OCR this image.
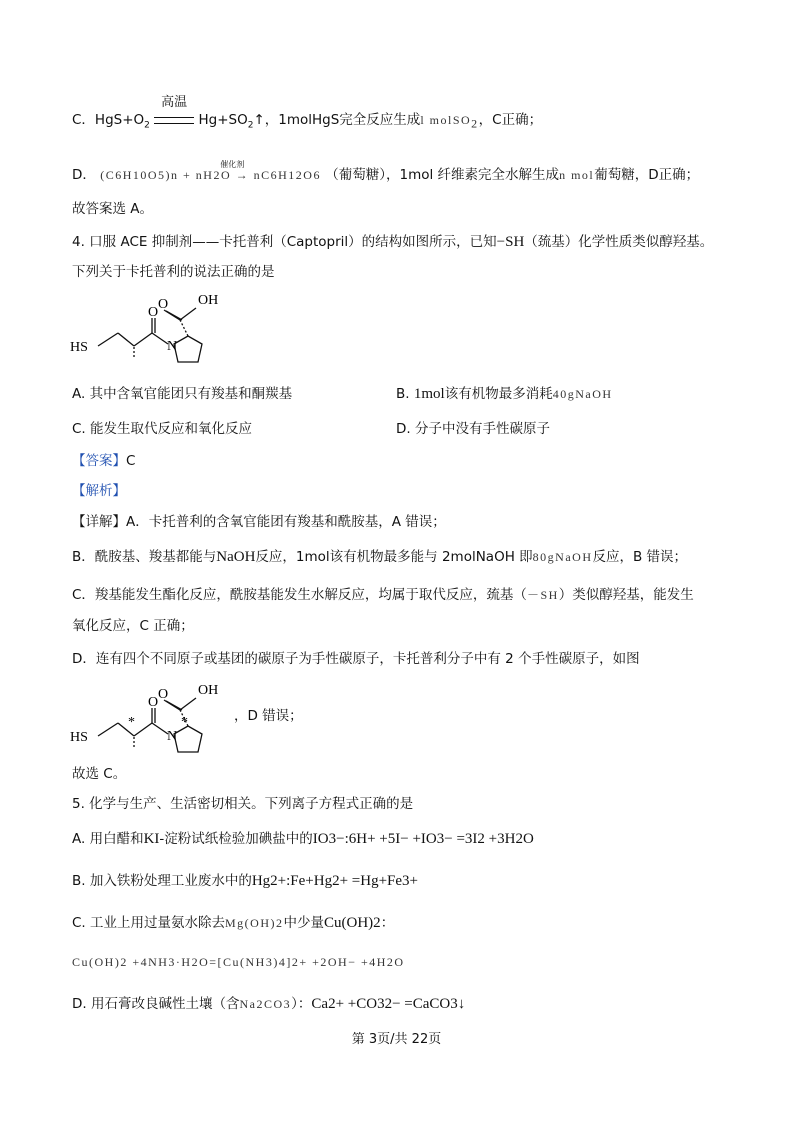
C．$HgS+O_2$
高温
$Hg+SO_2↑$，1molHgS完全反应生成l molSO$_2$，C正确；
D．
催化剂
(C6H10O5)n + nH2O → nC6H12O6 （葡萄糖），1mol 纤维素完全水解生成n mol葡萄糖，D正确；
故答案选 A。
4. 口服 ACE 抑制剂——卡托普利（Captopril）的结构如图所示，已知−SH（巯基）化学性质类似醇羟基。
下列关于卡托普利的说法正确的是
HS
O
N
O OH
A. 其中含氧官能团只有羧基和酮羰基	B. 1mol该有机物最多消耗40gNaOH
C. 能发生取代反应和氧化反应	D. 分子中没有手性碳原子
【答案】C
【解析】
【详解】A．卡托普利的含氧官能团有羧基和酰胺基，A 错误；
B．酰胺基、羧基都能与NaOH反应，1mol该有机物最多能与 2molNaOH 即80gNaOH反应，B 错误；
C．羧基能发生酯化反应，酰胺基能发生水解反应，均属于取代反应，巯基（－SH）类似醇羟基，能发生
氧化反应，C 正确；
D．连有四个不同原子或基团的碳原子为手性碳原子，卡托普利分子中有 2 个手性碳原子，如图
HS
O
N
O OH
*	*	，D 错误；
故选 C。
5. 化学与生产、生活密切相关。下列离子方程式正确的是
A. 用白醋和KI-淀粉试纸检验加碘盐中的IO3−:6H+ +5I− +IO3− =3I2 +3H2O
B. 加入铁粉处理工业废水中的Hg2+:Fe+Hg2+ =Hg+Fe3+
C. 工业上用过量氨水除去Mg(OH)2中少量Cu(OH)2：
Cu(OH)2 +4NH3·H2O=[Cu(NH3)4]2+ +2OH− +4H2O
D. 用石膏改良碱性土壤（含Na2CO3）：Ca2+ +CO32− =CaCO3↓
第 3页/共 22页
